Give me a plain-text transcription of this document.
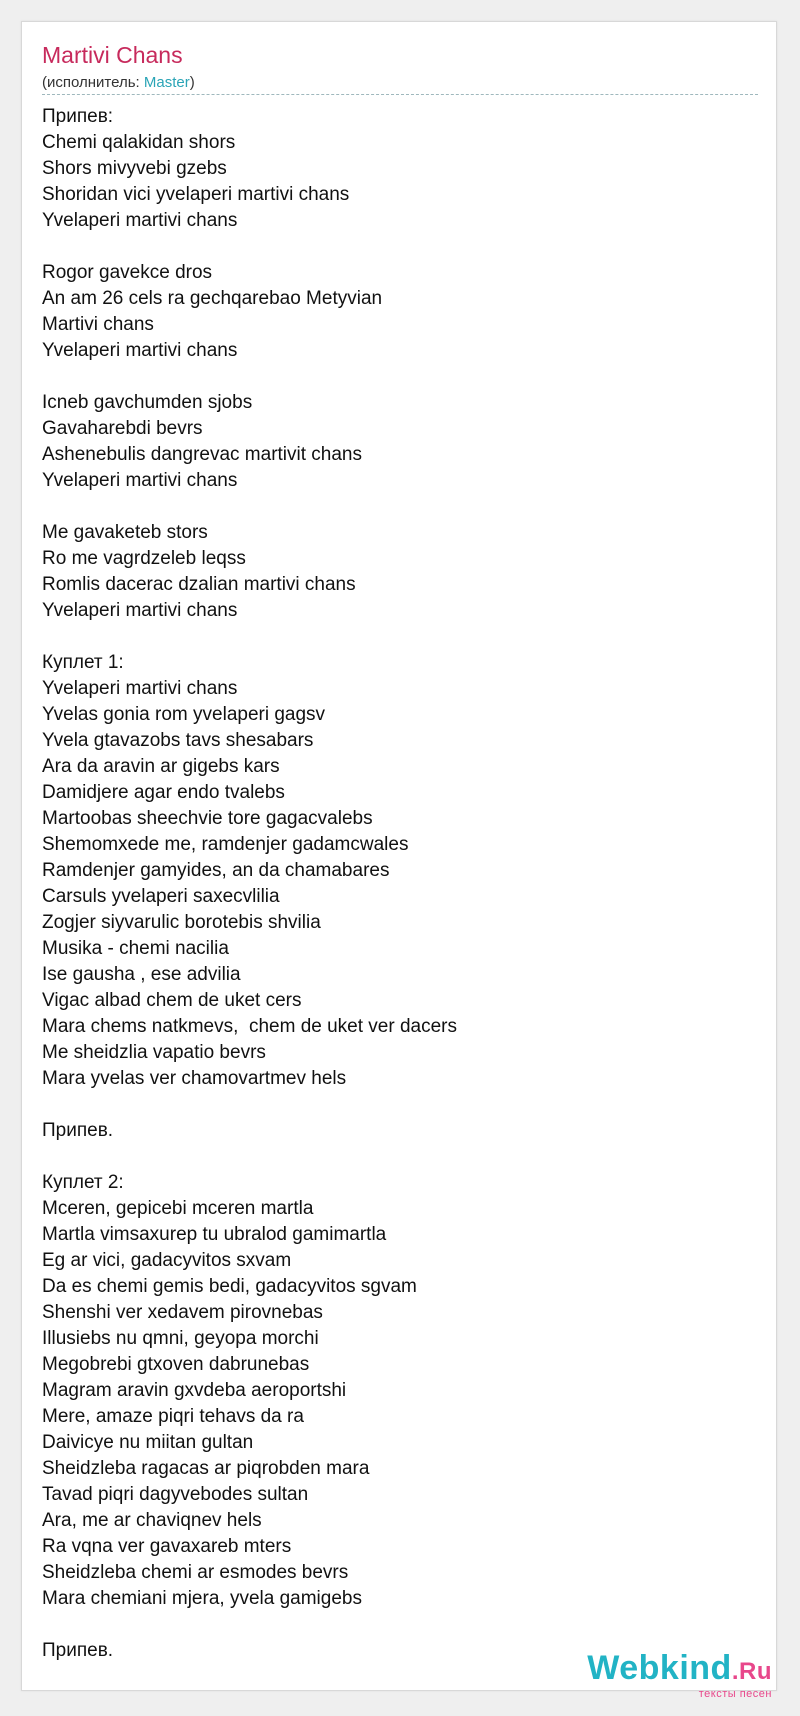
Martivi Chans
(исполнитель: Master)
Припев:
Chemi qalakidan shors
Shors mivyvebi gzebs
Shoridan vici yvelaperi martivi chans
Yvelaperi martivi chans
Rogor gavekce dros
An am 26 cels ra gechqarebao Metyvian
Martivi chans
Yvelaperi martivi chans
Icneb gavchumden sjobs
Gavaharebdi bevrs
Ashenebulis dangrevac martivit chans
Yvelaperi martivi chans
Me gavaketeb stors
Ro me vagrdzeleb leqss
Romlis dacerac dzalian martivi chans
Yvelaperi martivi chans
Куплет 1:
Yvelaperi martivi chans
Yvelas gonia rom yvelaperi gagsv
Yvela gtavazobs tavs shesabars
Ara da aravin ar gigebs kars
Damidjere agar endo tvalebs
Martoobas sheechvie tore gagacvalebs
Shemomxede me, ramdenjer gadamcwales
Ramdenjer gamyides, an da chamabares
Carsuls yvelaperi saxecvlilia
Zogjer siyvarulic borotebis shvilia
Musika - chemi nacilia
Ise gausha , ese advilia
Vigac albad chem de uket cers
Mara chems natkmevs,  chem de uket ver dacers
Me sheidzlia vapatio bevrs
Mara yvelas ver chamovartmev hels
Припев.
Куплет 2:
Mceren, gepicebi mceren martla
Martla vimsaxurep tu ubralod gamimartla
Eg ar vici, gadacyvitos sxvam
Da es chemi gemis bedi, gadacyvitos sgvam
Shenshi ver xedavem pirovnebas
Illusiebs nu qmni, geyopa morchi
Megobrebi gtxoven dabrunebas
Magram aravin gxvdeba aeroportshi
Mere, amaze piqri tehavs da ra
Daivicye nu miitan gultan
Sheidzleba ragacas ar piqrobden mara
Tavad piqri dagyvebodes sultan
Ara, me ar chaviqnev hels
Ra vqna ver gavaxareb mters
Sheidzleba chemi ar esmodes bevrs
Mara chemiani mjera, yvela gamigebs
Припев.	Webkind.Ru
тексты песен
